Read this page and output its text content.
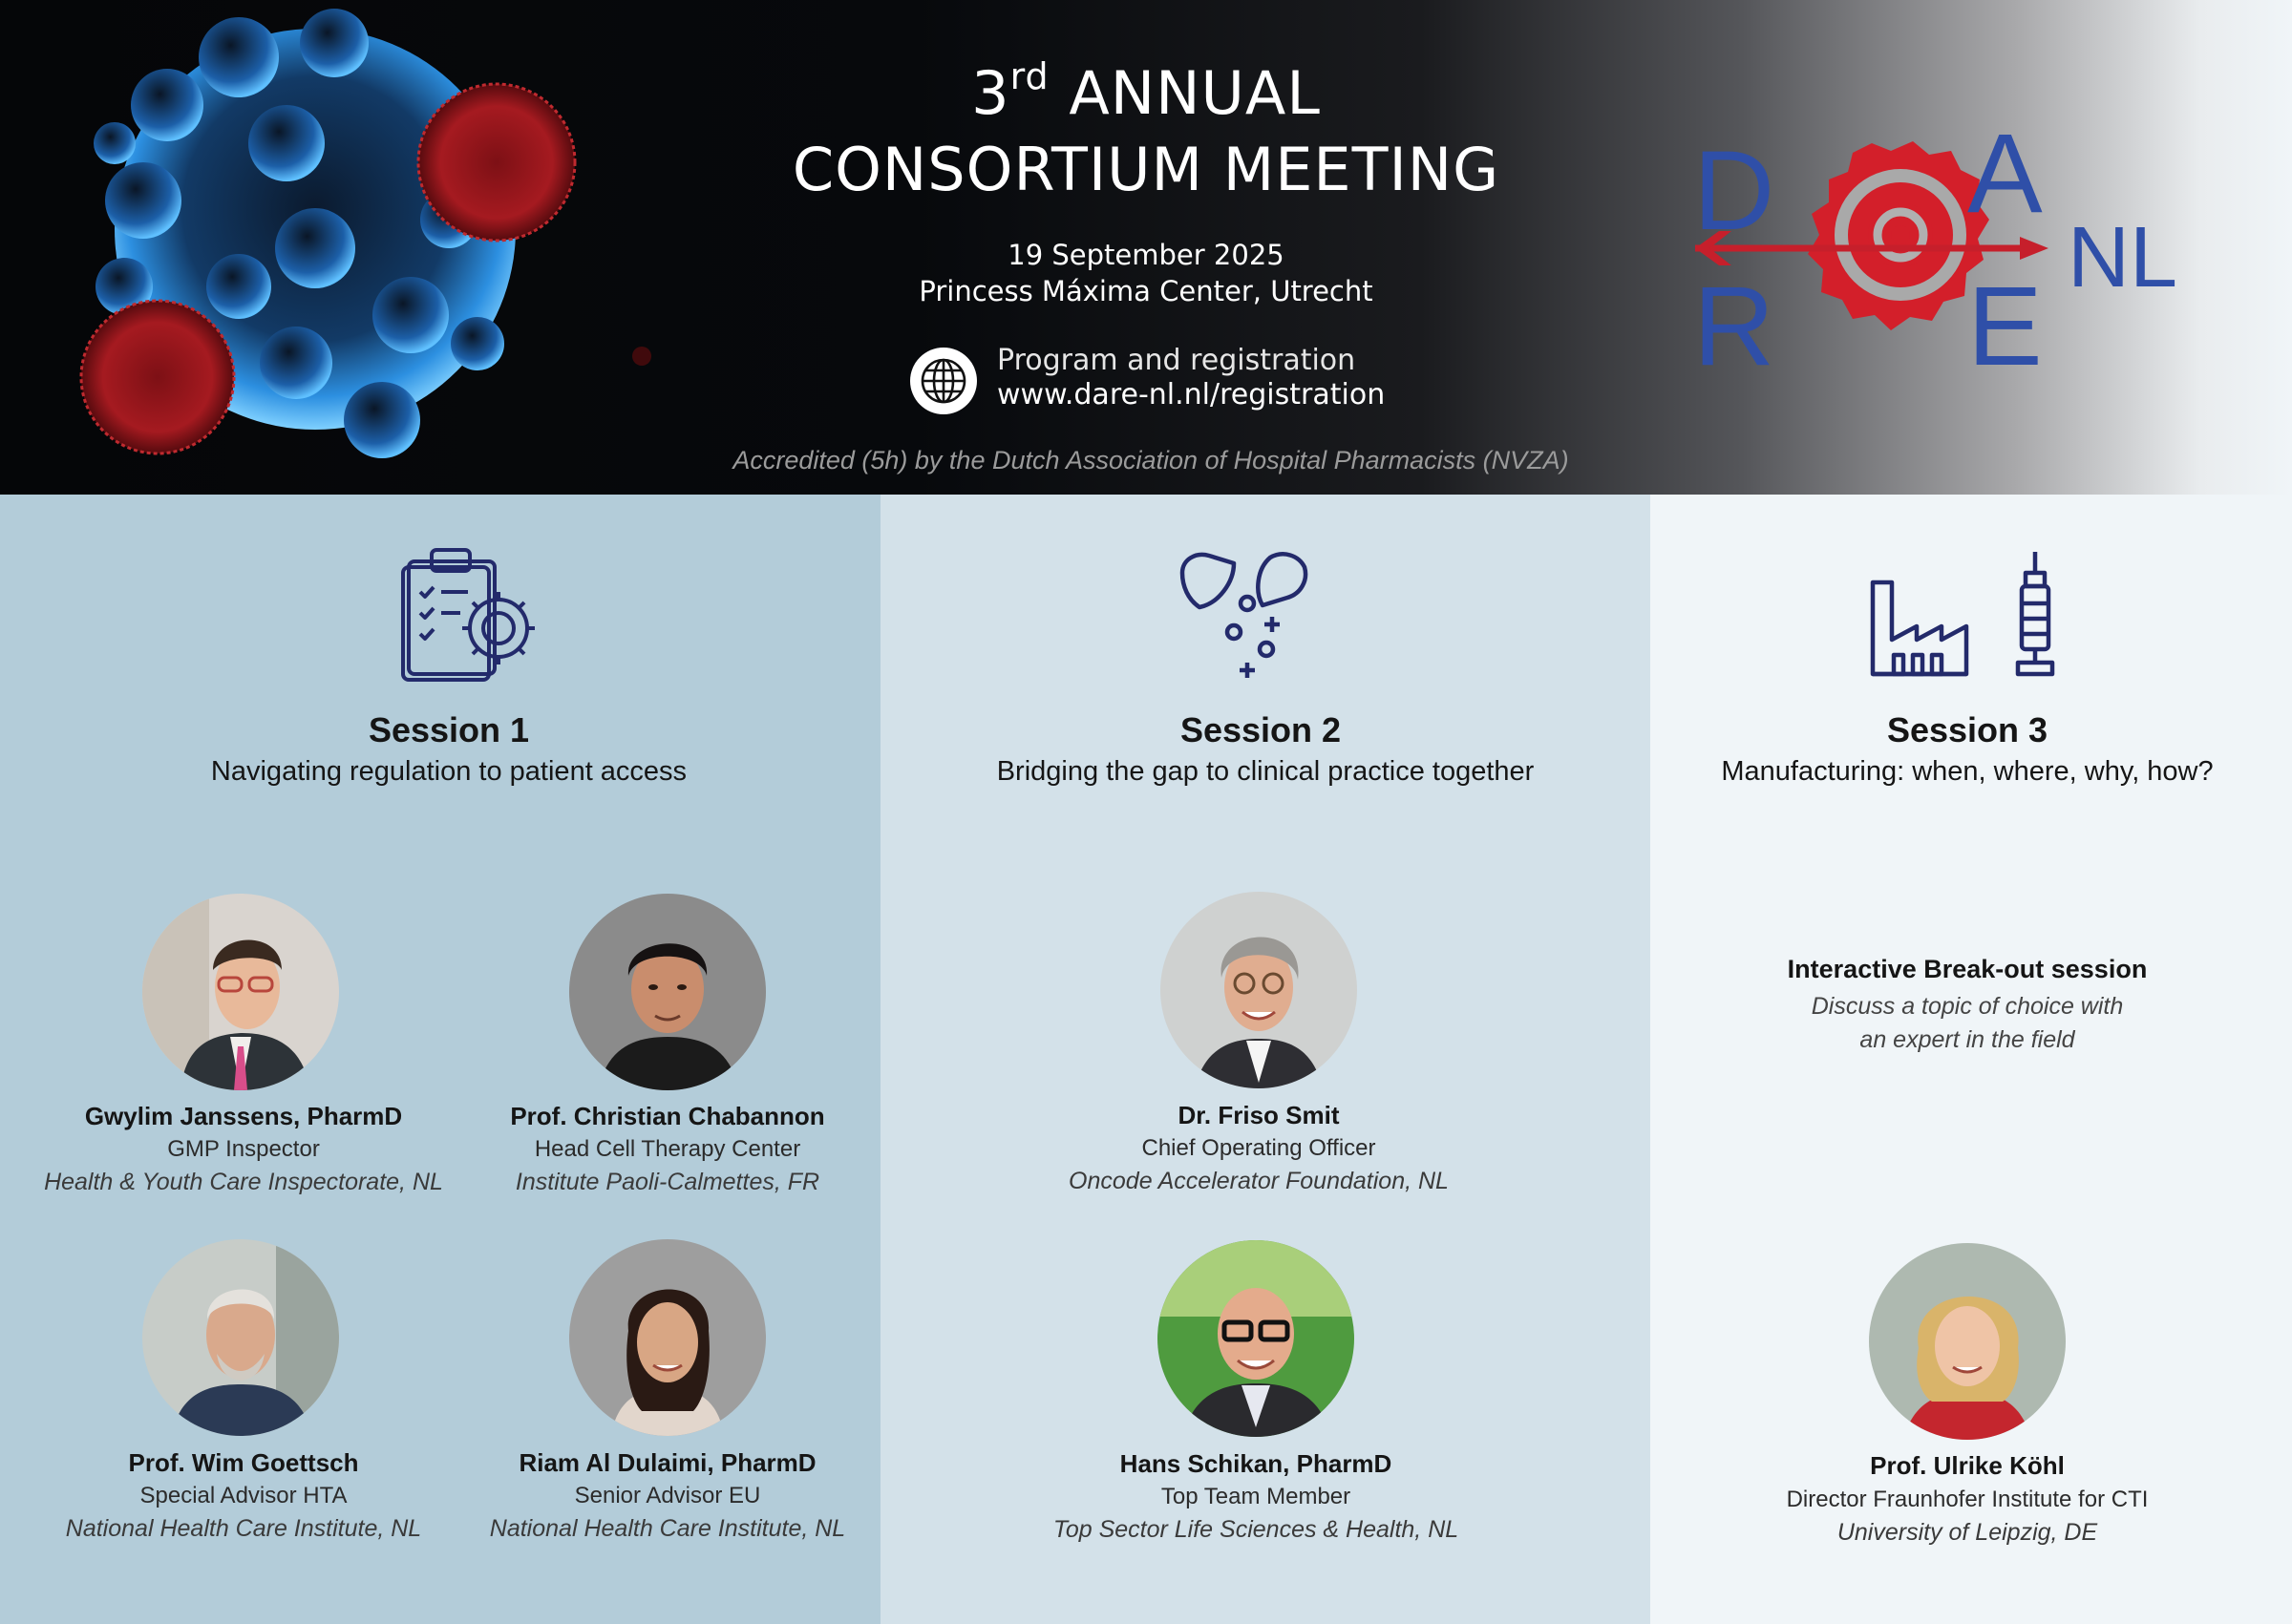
3rd ANNUAL
CONSORTIUM MEETING
19 September 2025
Princess Máxima Center, Utrecht
Program and registration
www.dare-nl.nl/registration
Accredited (5h) by the Dutch Association of Hospital Pharmacists (NVZA)
D A
R E
NL
Session 1
Navigating regulation to patient access
Session 2
Bridging the gap to clinical practice together
Session 3
Manufacturing: when, where, why, how?
Gwylim Janssens, PharmD
GMP Inspector
Health & Youth Care Inspectorate, NL
Prof. Christian Chabannon
Head Cell Therapy Center
Institute Paoli-Calmettes, FR
Prof. Wim Goettsch
Special Advisor HTA
National Health Care Institute, NL
Riam Al Dulaimi, PharmD
Senior Advisor EU
National Health Care Institute, NL
Dr. Friso Smit
Chief Operating Officer
Oncode Accelerator Foundation, NL
Hans Schikan, PharmD
Top Team Member
Top Sector Life Sciences & Health, NL
Interactive Break-out session
Discuss a topic of choice with
an expert in the field
Prof. Ulrike Köhl
Director Fraunhofer Institute for CTI
University of Leipzig, DE
